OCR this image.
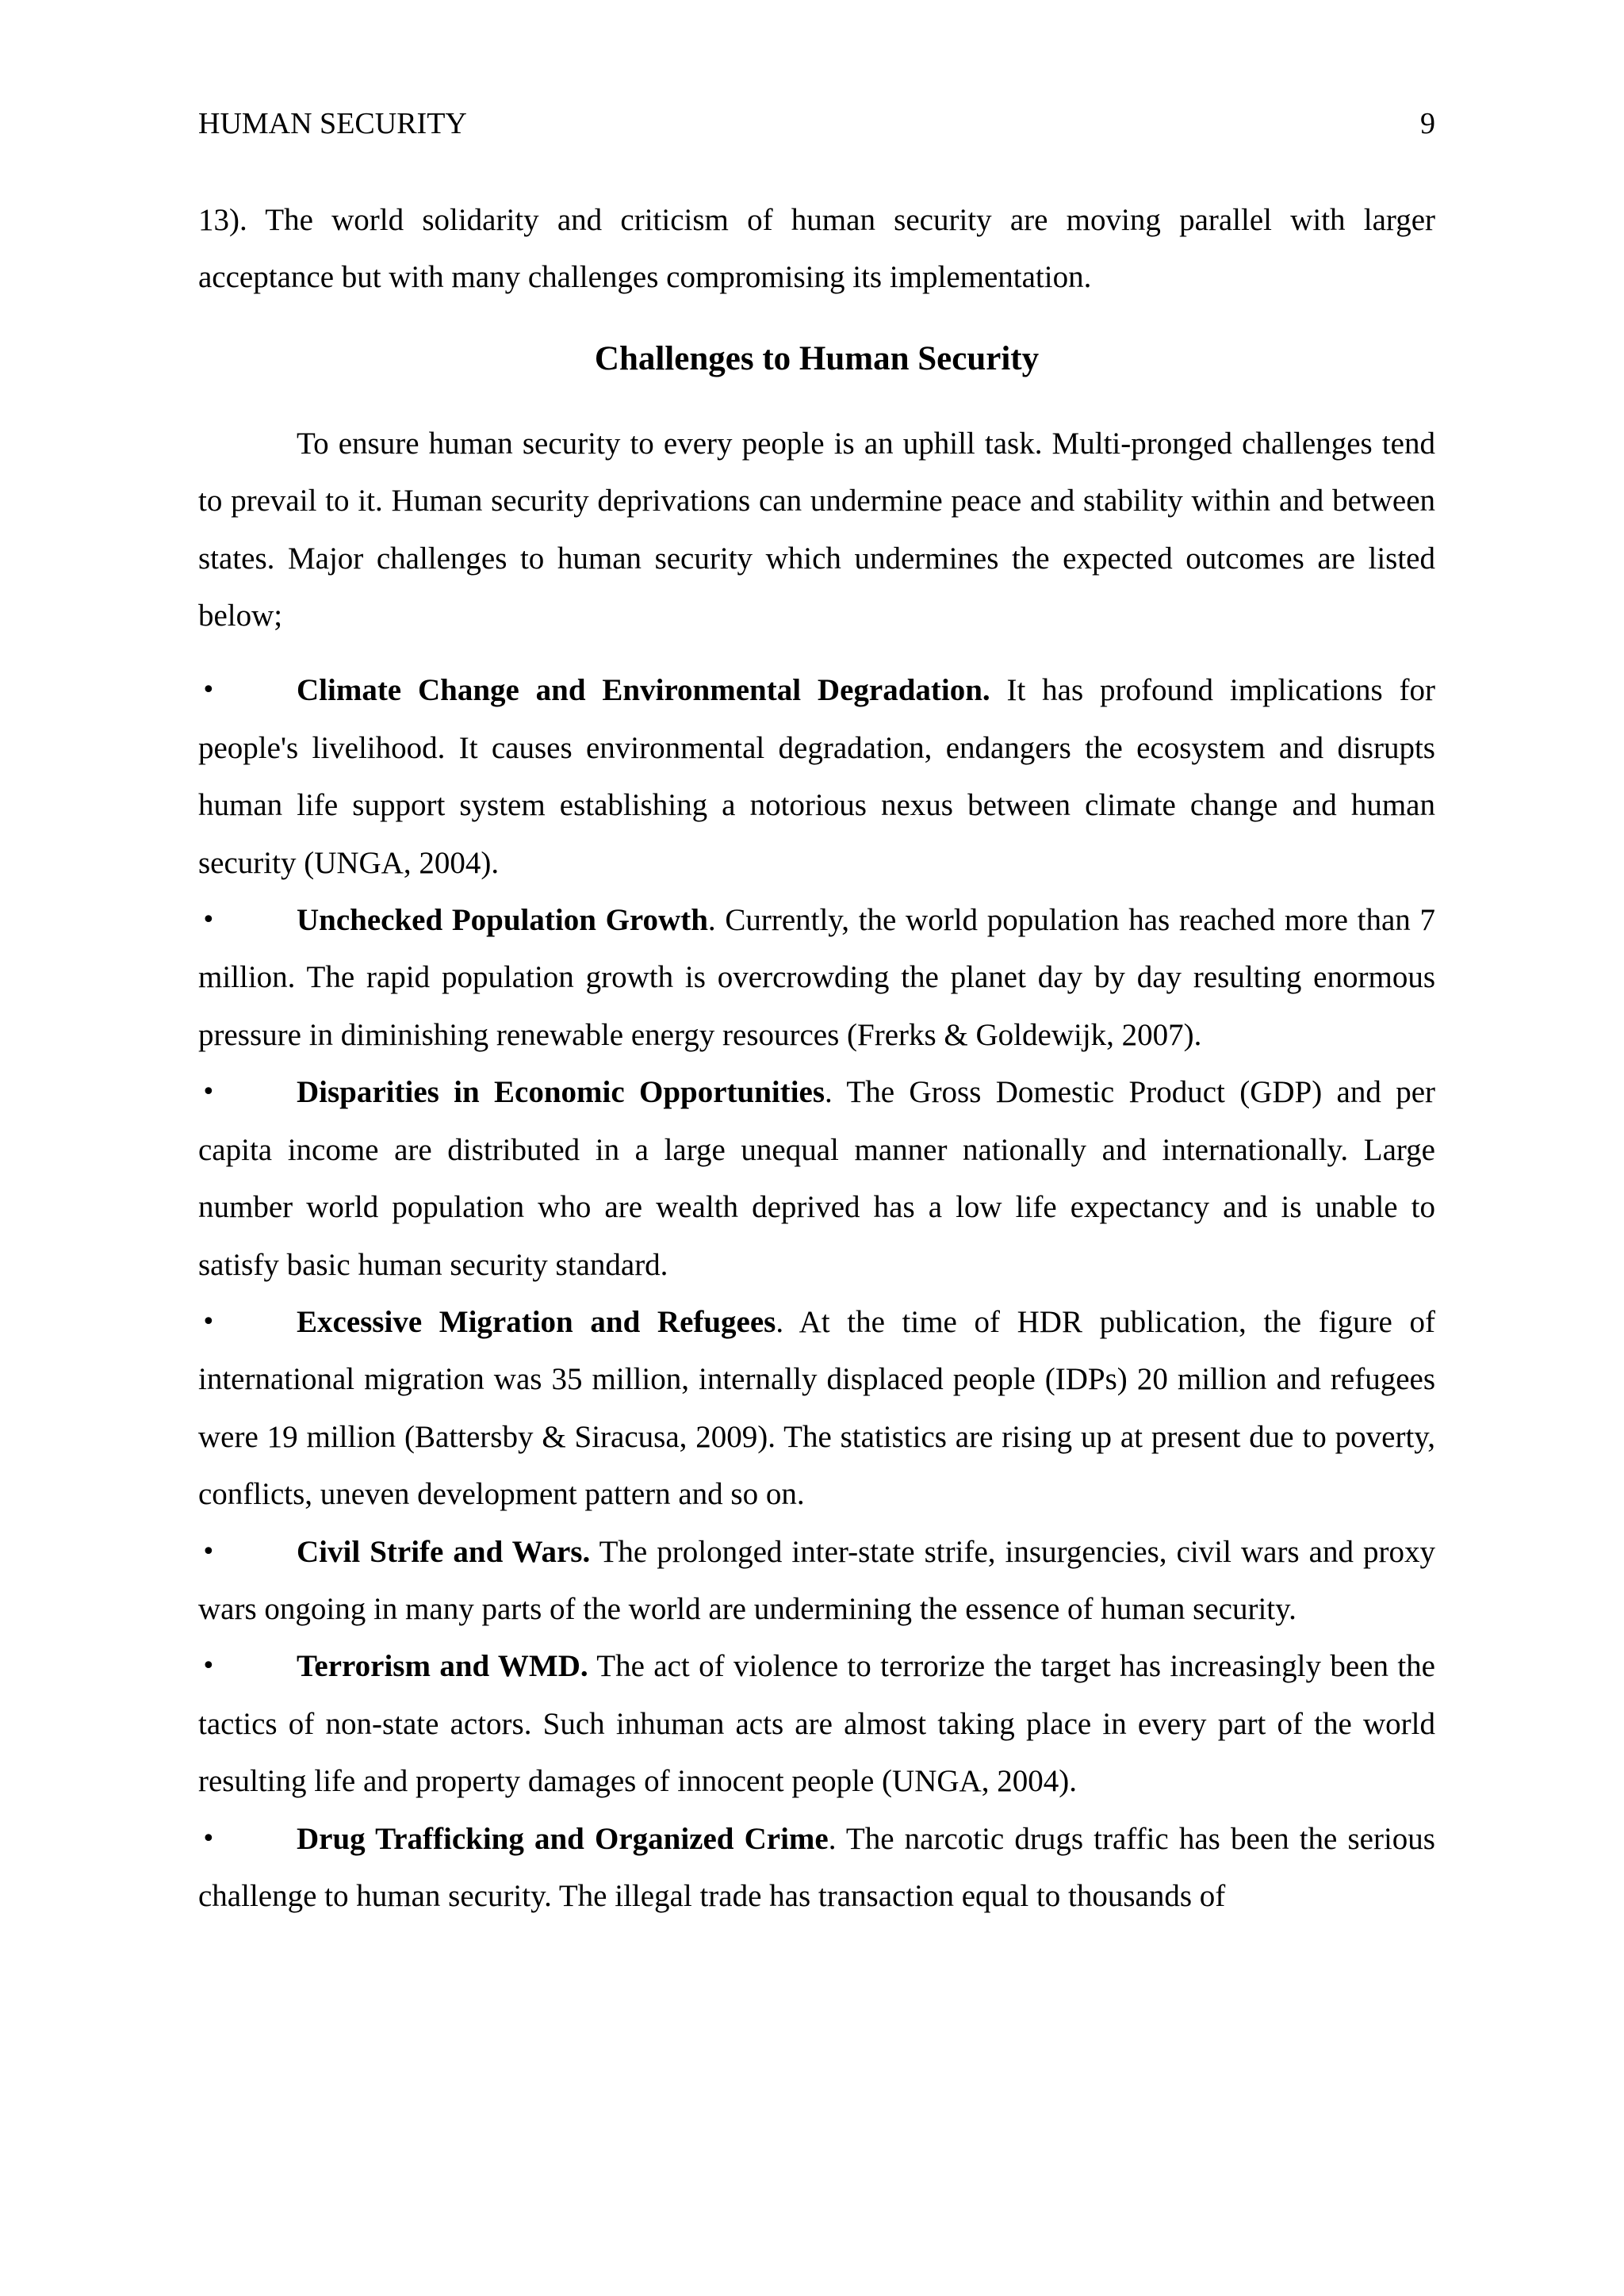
HUMAN SECURITY	9

13). The world solidarity and criticism of human security are moving parallel with larger acceptance but with many challenges compromising its implementation.

Challenges to Human Security

To ensure human security to every people is an uphill task. Multi-pronged challenges tend to prevail to it. Human security deprivations can undermine peace and stability within and between states. Major challenges to human security which undermines the expected outcomes are listed below;

•	Climate Change and Environmental Degradation. It has profound implications for people's livelihood. It causes environmental degradation, endangers the ecosystem and disrupts human life support system establishing a notorious nexus between climate change and human security (UNGA, 2004).
•	Unchecked Population Growth. Currently, the world population has reached more than 7 million. The rapid population growth is overcrowding the planet day by day resulting enormous pressure in diminishing renewable energy resources (Frerks & Goldewijk, 2007).
•	Disparities in Economic Opportunities. The Gross Domestic Product (GDP) and per capita income are distributed in a large unequal manner nationally and internationally. Large number world population who are wealth deprived has a low life expectancy and is unable to satisfy basic human security standard.
•	Excessive Migration and Refugees. At the time of HDR publication, the figure of international migration was 35 million, internally displaced people (IDPs) 20 million and refugees were 19 million (Battersby & Siracusa, 2009). The statistics are rising up at present due to poverty, conflicts, uneven development pattern and so on.
•	Civil Strife and Wars. The prolonged inter-state strife, insurgencies, civil wars and proxy wars ongoing in many parts of the world are undermining the essence of human security.
•	Terrorism and WMD. The act of violence to terrorize the target has increasingly been the tactics of non-state actors. Such inhuman acts are almost taking place in every part of the world resulting life and property damages of innocent people (UNGA, 2004).
•	Drug Trafficking and Organized Crime. The narcotic drugs traffic has been the serious challenge to human security. The illegal trade has transaction equal to thousands of
